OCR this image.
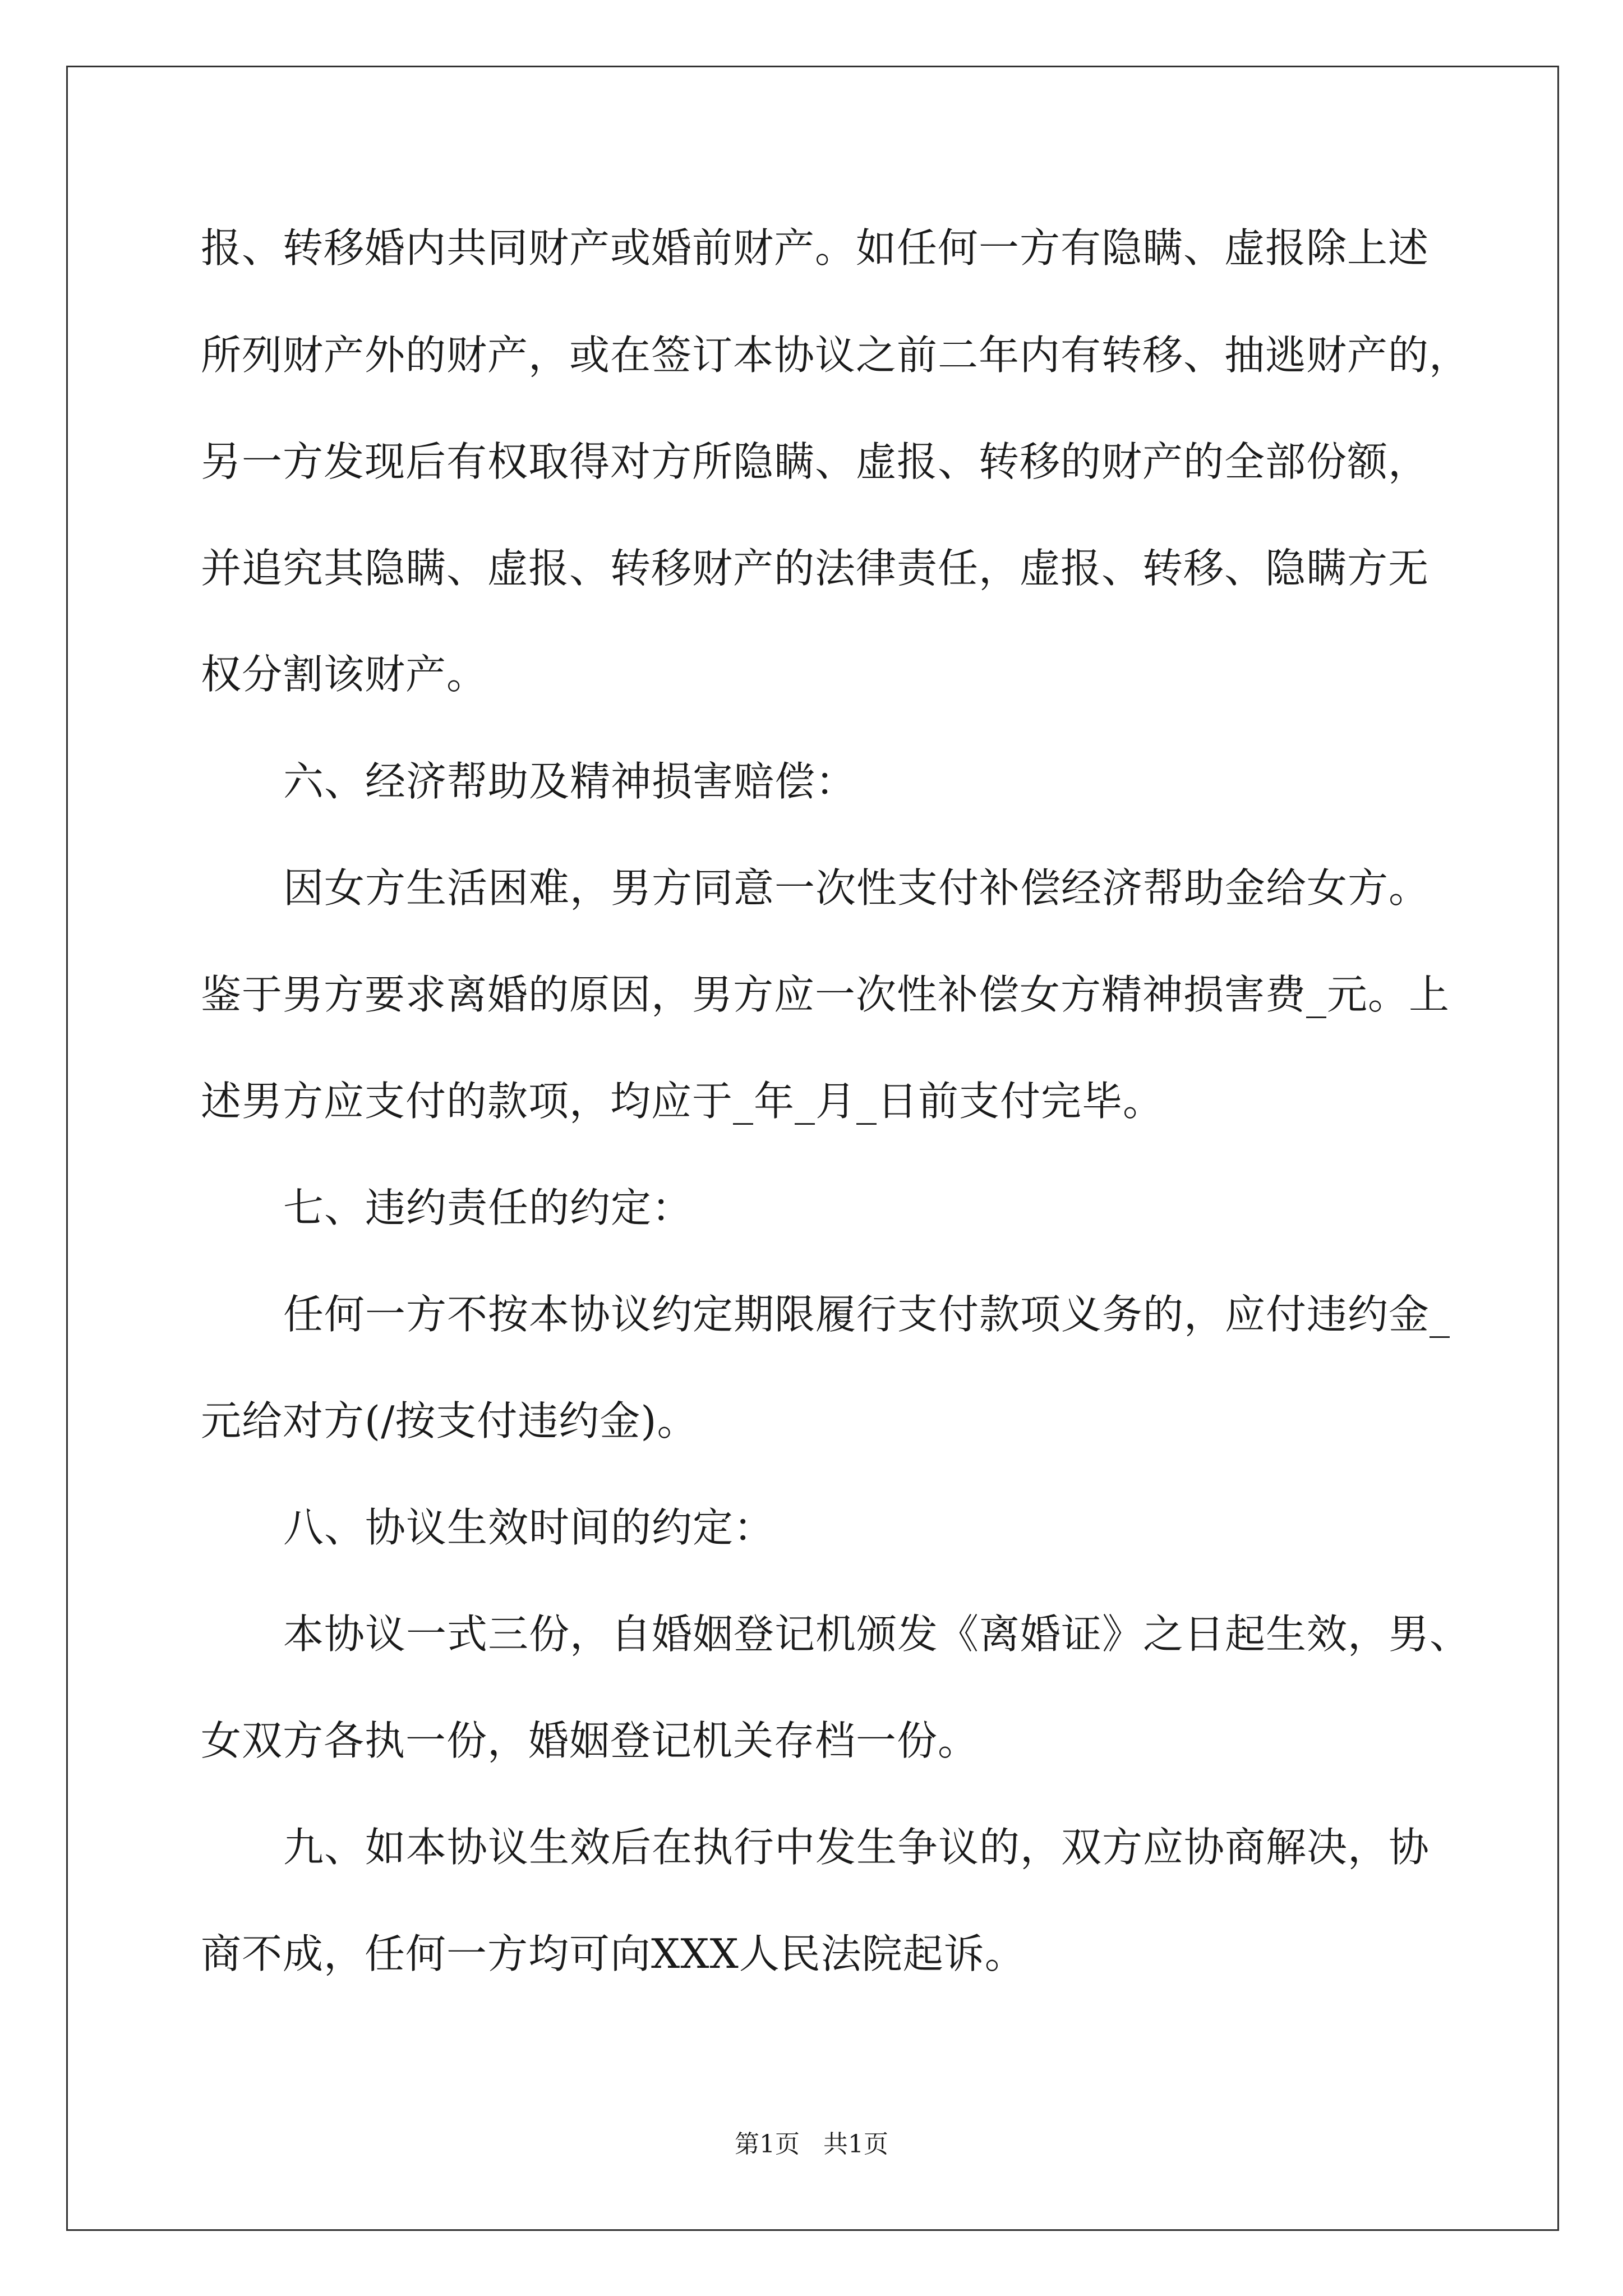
报、转移婚内共同财产或婚前财产。如任何一方有隐瞒、虚报除上述
所列财产外的财产，或在签订本协议之前二年内有转移、抽逃财产的，
另一方发现后有权取得对方所隐瞒、虚报、转移的财产的全部份额，
并追究其隐瞒、虚报、转移财产的法律责任，虚报、转移、隐瞒方无
权分割该财产。
六、经济帮助及精神损害赔偿：
因女方生活困难，男方同意一次性支付补偿经济帮助金给女方。
鉴于男方要求离婚的原因，男方应一次性补偿女方精神损害费_元。上
述男方应支付的款项，均应于_年_月_日前支付完毕。
七、违约责任的约定：
任何一方不按本协议约定期限履行支付款项义务的，应付违约金_
元给对方(/按支付违约金)。
八、协议生效时间的约定：
本协议一式三份，自婚姻登记机颁发《离婚证》之日起生效，男、
女双方各执一份，婚姻登记机关存档一份。
九、如本协议生效后在执行中发生争议的，双方应协商解决，协
商不成，任何一方均可向XXX人民法院起诉。
第1页   共1页
